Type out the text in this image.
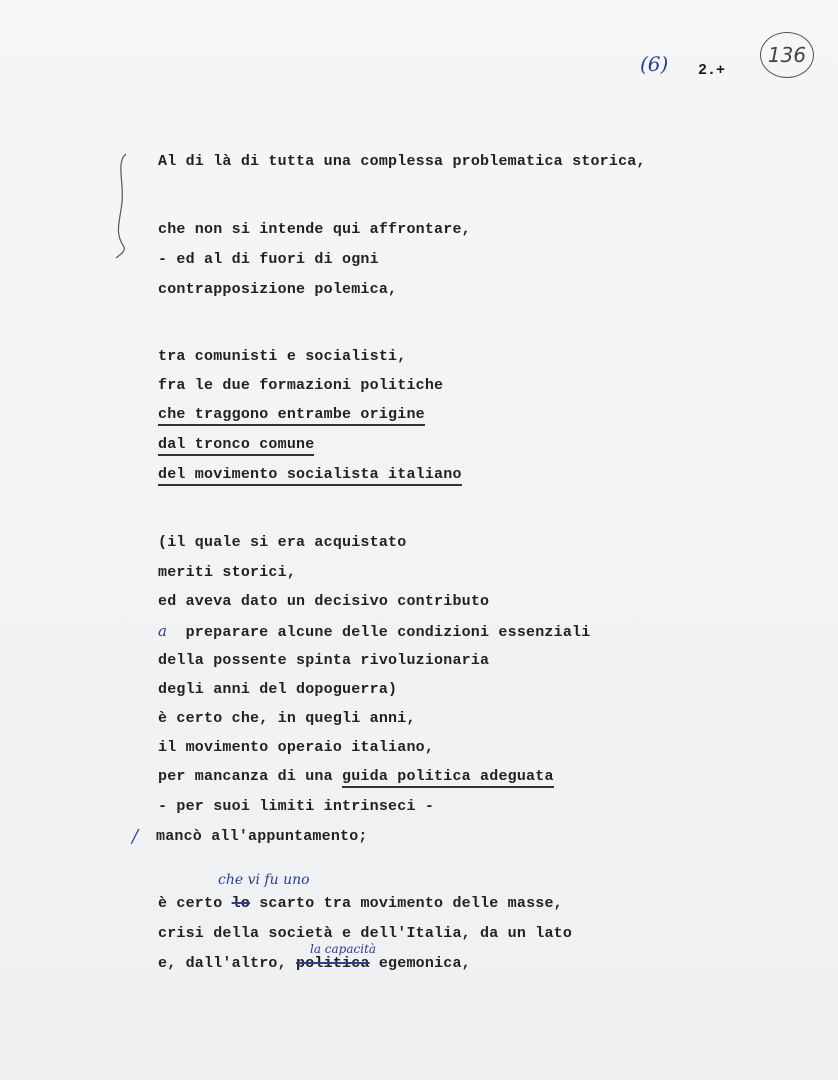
(6) 2.+
136
Al di là di tutta una complessa problematica storica,
che non si intende qui affrontare,
- ed al di fuori di ogni
contrapposizione polemica,
tra comunisti e socialisti,
fra le due formazioni politiche
che traggono entrambe origine
dal tronco comune
del movimento socialista italiano
(il quale si era acquistato
meriti storici,
ed aveva dato un decisivo contributo
a preparare alcune delle condizioni essenziali
della possente spinta rivoluzionaria
degli anni del dopoguerra)
è certo che, in quegli anni,
il movimento operaio italiano,
per mancanza di una guida politica adeguata
- per suoi limiti intrinseci -
mancò all'appuntamento;
/
che vi fu uno
è certo lo scarto tra movimento delle masse,
crisi della società e dell'Italia, da un lato
la capacità
e, dall'altro, politica egemonica,
